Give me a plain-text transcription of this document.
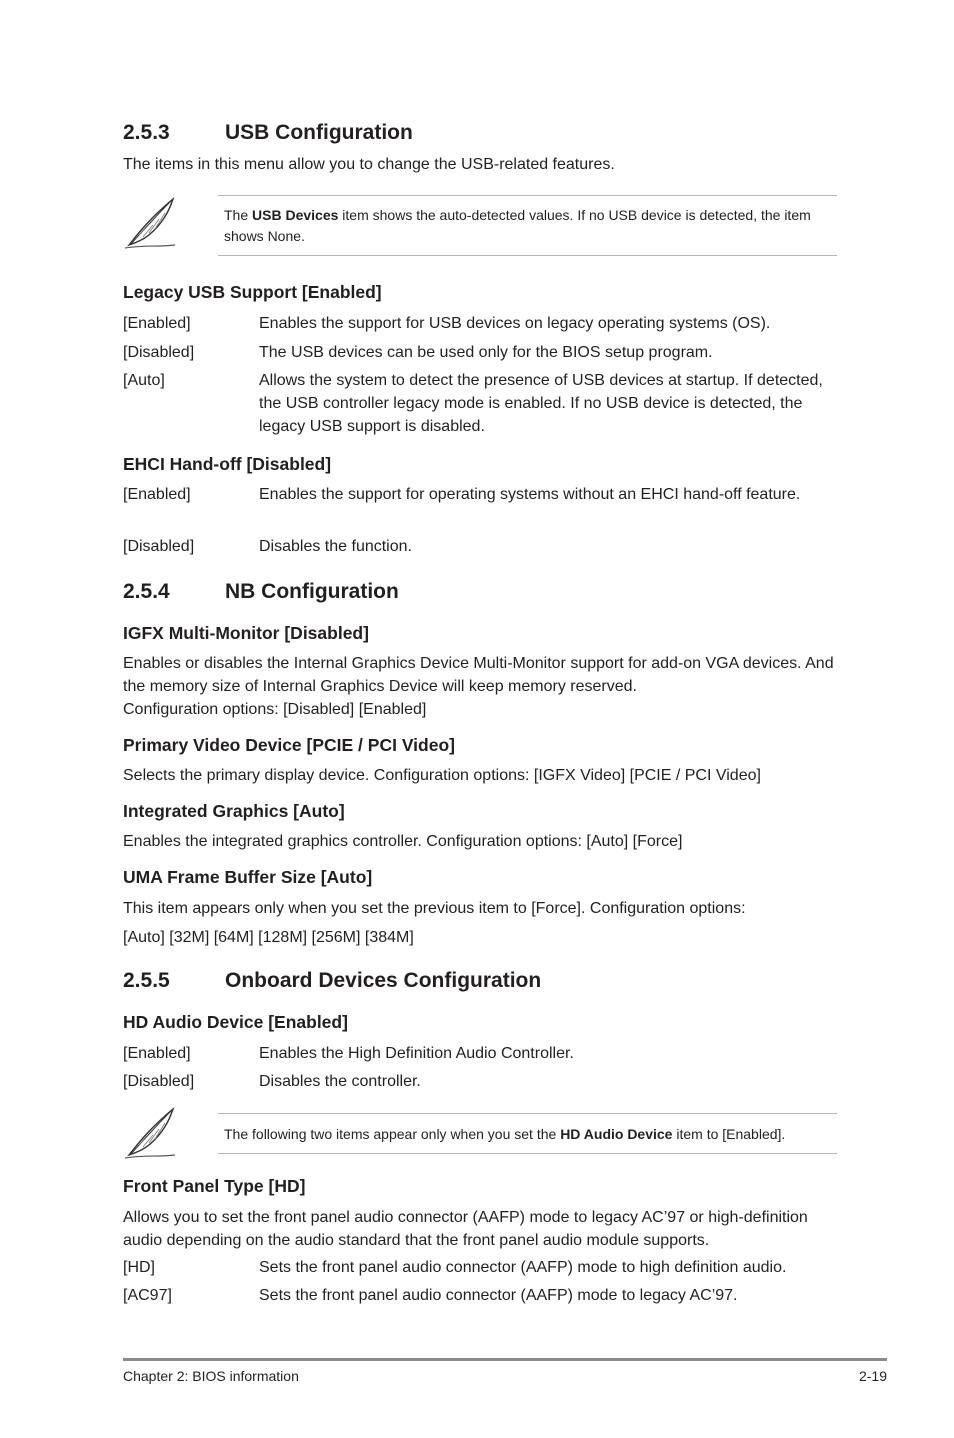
2.5.3	USB Configuration

The items in this menu allow you to change the USB-related features.

The USB Devices item shows the auto-detected values. If no USB device is detected, the item shows None.
Legacy USB Support [Enabled]
[Enabled]	Enables the support for USB devices on legacy operating systems (OS).
[Disabled]	The USB devices can be used only for the BIOS setup program.
[Auto]	Allows the system to detect the presence of USB devices at startup. If detected, the USB controller legacy mode is enabled. If no USB device is detected, the legacy USB support is disabled.
EHCI Hand-off [Disabled]
[Enabled]	Enables the support for operating systems without an EHCI hand-off feature.
[Disabled]	Disables the function.
2.5.4	NB Configuration
IGFX Multi-Monitor [Disabled]

Enables or disables the Internal Graphics Device Multi-Monitor support for add-on VGA devices. And the memory size of Internal Graphics Device will keep memory reserved.

Configuration options: [Disabled] [Enabled]

Primary Video Device [PCIE / PCI Video]

Selects the primary display device. Configuration options: [IGFX Video] [PCIE / PCI Video]

Integrated Graphics [Auto]

Enables the integrated graphics controller. Configuration options: [Auto] [Force]

UMA Frame Buffer Size [Auto]

This item appears only when you set the previous item to [Force]. Configuration options:

[Auto] [32M] [64M] [128M] [256M] [384M]

2.5.5	Onboard Devices Configuration
HD Audio Device [Enabled]
[Enabled]	Enables the High Definition Audio Controller.
[Disabled]	Disables the controller.
The following two items appear only when you set the HD Audio Device item to [Enabled].
Front Panel Type [HD]

Allows you to set the front panel audio connector (AAFP) mode to legacy AC’97 or high-definition audio depending on the audio standard that the front panel audio module supports.

[HD]	Sets the front panel audio connector (AAFP) mode to high definition audio.
[AC97]	Sets the front panel audio connector (AAFP) mode to legacy AC’97.
Chapter 2: BIOS information	2-19
